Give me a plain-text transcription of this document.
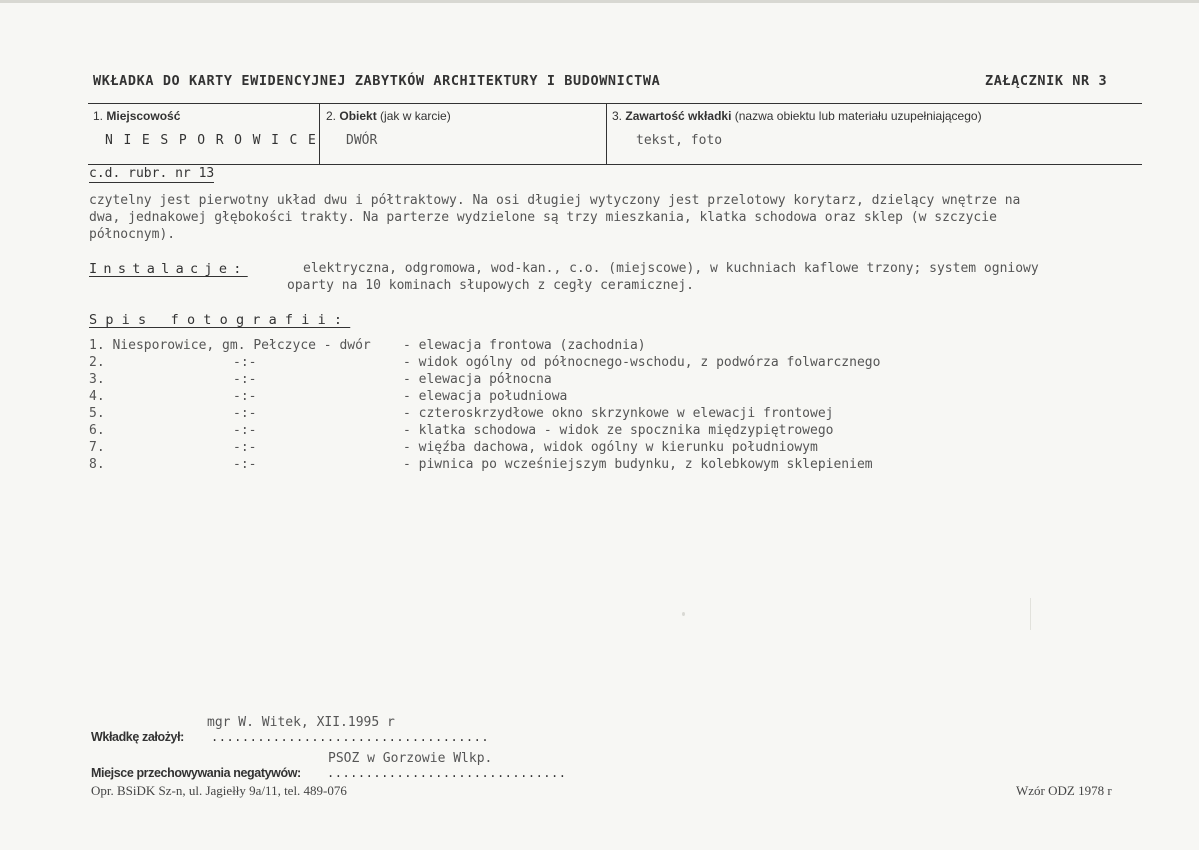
WKŁADKA DO KARTY EWIDENCYJNEJ ZABYTKÓW ARCHITEKTURY I BUDOWNICTWA	ZAŁĄCZNIK NR 3
1. Miejscowość
N I E S P O R O W I C E
2. Obiekt (jak w karcie)
DWÓR
3. Zawartość wkładki (nazwa obiektu lub materiału uzupełniającego)
tekst, foto
c.d. rubr. nr 13
czytelny jest pierwotny układ dwu i półtraktowy. Na osi długiej wytyczony jest przelotowy korytarz, dzielący wnętrze na
dwa, jednakowej głębokości trakty. Na parterze wydzielone są trzy mieszkania, klatka schodowa oraz sklep (w szczycie
północnym).
Instalacje:	elektryczna, odgromowa, wod-kan., c.o. (miejscowe), w kuchniach kaflowe trzony; system ogniowy
oparty na 10 kominach słupowych z cegły ceramicznej.
Spis fotografii:
1. Niesporowice, gm. Pełczyce - dwór - elewacja frontowa (zachodnia)
2.	-:-	- widok ogólny od północnego-wschodu, z podwórza folwarcznego
3.	-:-	- elewacja północna
4.	-:-	- elewacja południowa
5.	-:-	- czteroskrzydłowe okno skrzynkowe w elewacji frontowej
6.	-:-	- klatka schodowa - widok ze spocznika międzypiętrowego
7.	-:-	- więźba dachowa, widok ogólny w kierunku południowym
8.	-:-	- piwnica po wcześniejszym budynku, z kolebkowym sklepieniem
mgr W. Witek, XII.1995 r
Wkładkę założył: ....................................
PSOZ w Gorzowie Wlkp.
Miejsce przechowywania negatywów: ...............................
Opr. BSiDK Sz-n, ul. Jagiełły 9a/11, tel. 489-076	Wzór ODZ 1978 r
